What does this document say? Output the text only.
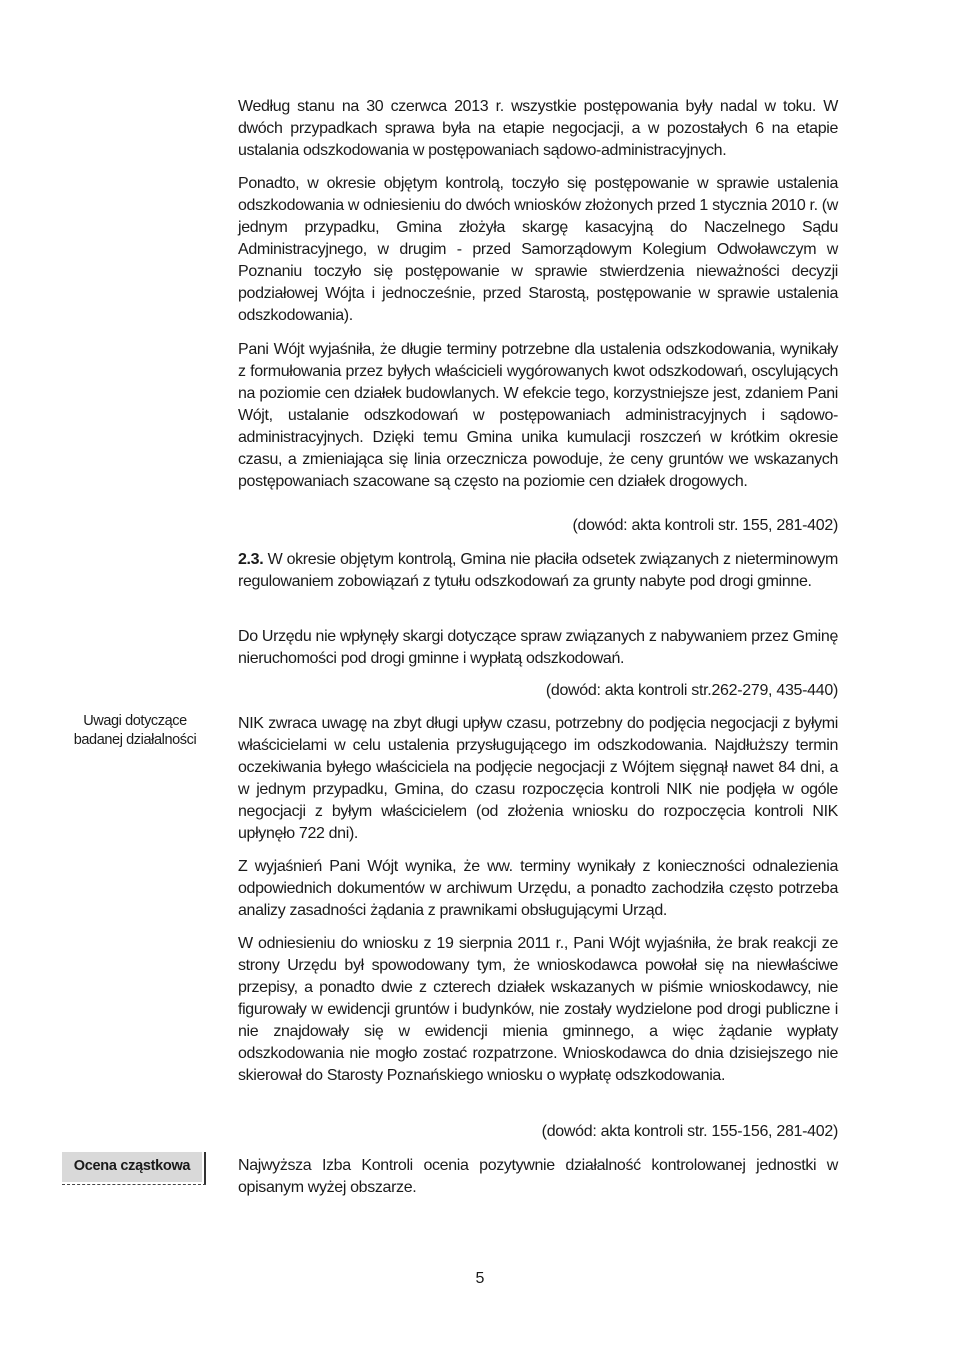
Według stanu na 30 czerwca 2013 r. wszystkie postępowania były nadal w toku. W dwóch przypadkach sprawa była na etapie negocjacji, a w pozostałych 6 na etapie ustalania odszkodowania w postępowaniach sądowo-administracyjnych.

Ponadto, w okresie objętym kontrolą, toczyło się postępowanie w sprawie ustalenia odszkodowania w odniesieniu do dwóch wniosków złożonych przed 1 stycznia 2010 r. (w jednym przypadku, Gmina złożyła skargę kasacyjną do Naczelnego Sądu Administracyjnego, w drugim - przed Samorządowym Kolegium Odwoławczym w Poznaniu toczyło się postępowanie w sprawie stwierdzenia nieważności decyzji podziałowej Wójta i jednocześnie, przed Starostą, postępowanie w sprawie ustalenia odszkodowania).

Pani Wójt wyjaśniła, że długie terminy potrzebne dla ustalenia odszkodowania, wynikały z formułowania przez byłych właścicieli wygórowanych kwot odszkodowań, oscylujących na poziomie cen działek budowlanych. W efekcie tego, korzystniejsze jest, zdaniem Pani Wójt, ustalanie odszkodowań w postępowaniach administracyjnych i sądowo-administracyjnych. Dzięki temu Gmina unika kumulacji roszczeń w krótkim okresie czasu, a zmieniająca się linia orzecznicza powoduje, że ceny gruntów we wskazanych postępowaniach szacowane są często na poziomie cen działek drogowych.

(dowód: akta kontroli str. 155, 281-402)

2.3. W okresie objętym kontrolą, Gmina nie płaciła odsetek związanych z nieterminowym regulowaniem zobowiązań z tytułu odszkodowań za grunty nabyte pod drogi gminne.

Do Urzędu nie wpłynęły skargi dotyczące spraw związanych z nabywaniem przez Gminę nieruchomości pod drogi gminne i wypłatą odszkodowań.

(dowód: akta kontroli str.262-279, 435-440)

NIK zwraca uwagę na zbyt długi upływ czasu, potrzebny do podjęcia negocjacji z byłymi właścicielami w celu ustalenia przysługującego im odszkodowania. Najdłuższy termin oczekiwania byłego właściciela na podjęcie negocjacji z Wójtem sięgnął nawet 84 dni, a w jednym przypadku, Gmina, do czasu rozpoczęcia kontroli NIK nie podjęła w ogóle negocjacji z byłym właścicielem (od złożenia wniosku do rozpoczęcia kontroli NIK upłynęło 722 dni).

Z wyjaśnień Pani Wójt wynika, że ww. terminy wynikały z konieczności odnalezienia odpowiednich dokumentów w archiwum Urzędu, a ponadto zachodziła często potrzeba analizy zasadności żądania z prawnikami obsługującymi Urząd.

W odniesieniu do wniosku z 19 sierpnia 2011 r., Pani Wójt wyjaśniła, że brak reakcji ze strony Urzędu był spowodowany tym, że wnioskodawca powołał się na niewłaściwe przepisy, a ponadto dwie z czterech działek wskazanych w piśmie wnioskodawcy, nie figurowały w ewidencji gruntów i budynków, nie zostały wydzielone pod drogi publiczne i nie znajdowały się w ewidencji mienia gminnego, a więc żądanie wypłaty odszkodowania nie mogło zostać rozpatrzone. Wnioskodawca do dnia dzisiejszego nie skierował do Starosty Poznańskiego wniosku o wypłatę odszkodowania.

(dowód: akta kontroli str. 155-156, 281-402)

Najwyższa Izba Kontroli ocenia pozytywnie działalność kontrolowanej jednostki w opisanym wyżej obszarze.

Uwagi dotyczące
badanej działalności
Ocena cząstkowa
5
